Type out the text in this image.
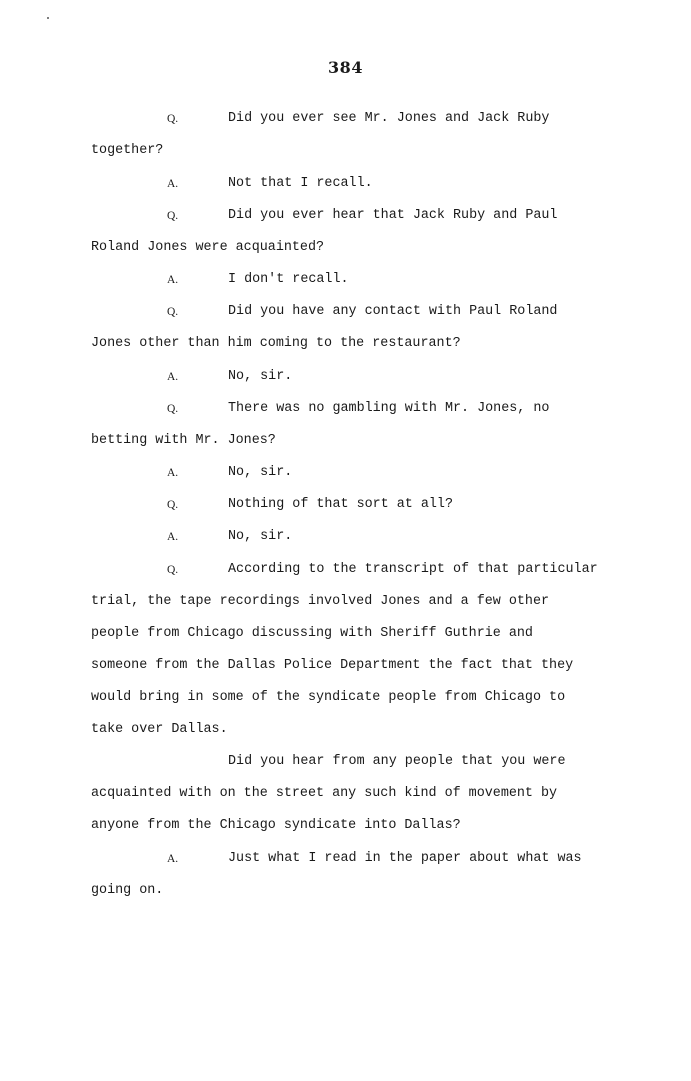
384
Q.	Did you ever see Mr. Jones and Jack Ruby
together?
A.	Not that I recall.
Q.	Did you ever hear that Jack Ruby and Paul
Roland Jones were acquainted?
A.	I don't recall.
Q.	Did you have any contact with Paul Roland
Jones other than him coming to the restaurant?
A.	No, sir.
Q.	There was no gambling with Mr. Jones, no
betting with Mr. Jones?
A.	No, sir.
Q.	Nothing of that sort at all?
A.	No, sir.
Q.	According to the transcript of that particular
trial, the tape recordings involved Jones and a few other
people from Chicago discussing with Sheriff Guthrie and
someone from the Dallas Police Department the fact that they
would bring in some of the syndicate people from Chicago to
take over Dallas.
Did you hear from any people that you were
acquainted with on the street any such kind of movement by
anyone from the Chicago syndicate into Dallas?
A.	Just what I read in the paper about what was
going on.
